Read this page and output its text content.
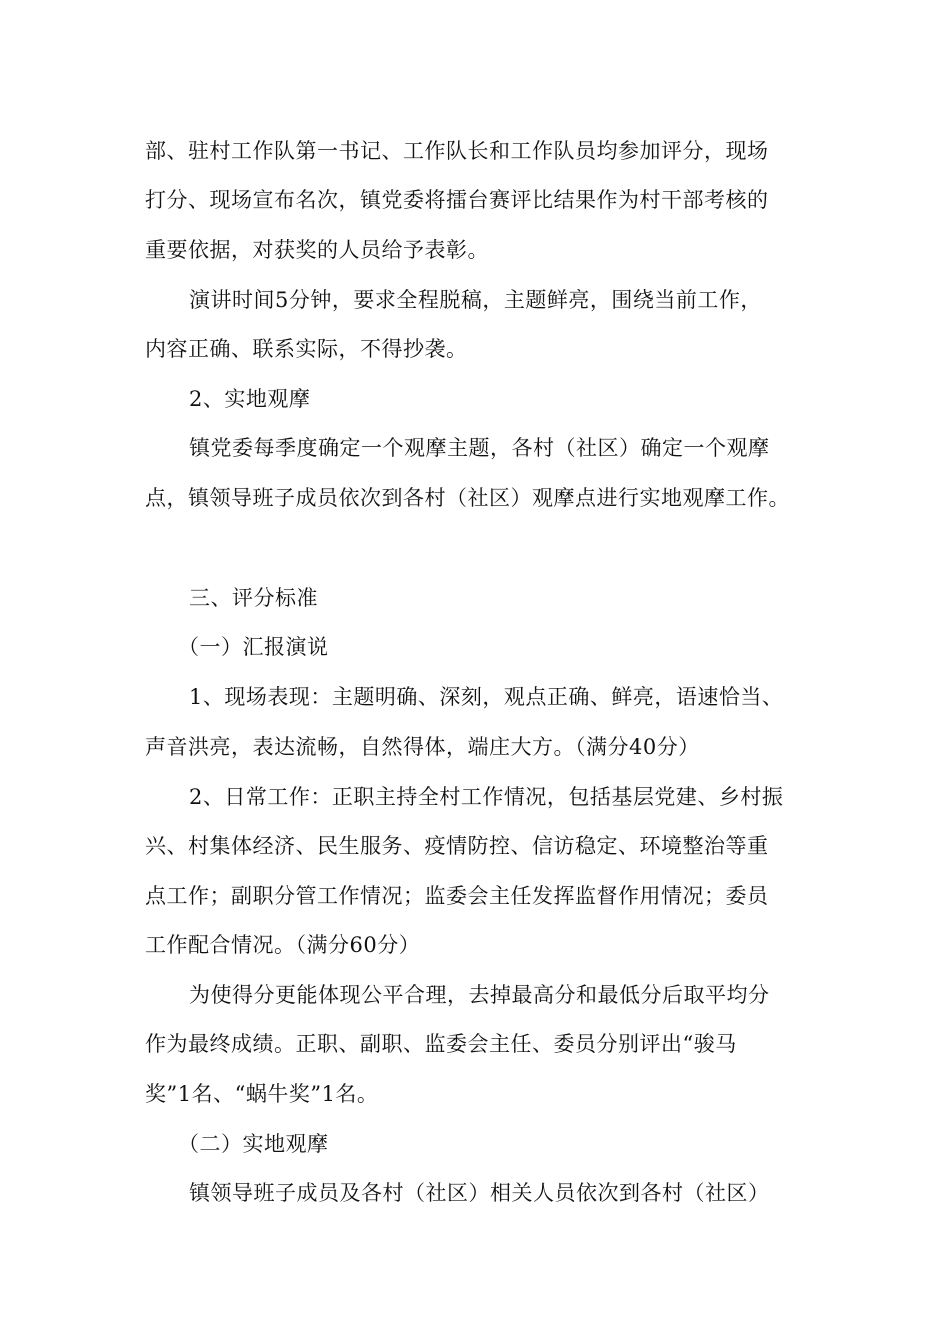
部、驻村工作队第一书记、工作队长和工作队员均参加评分，现场
打分、现场宣布名次，镇党委将擂台赛评比结果作为村干部考核的
重要依据，对获奖的人员给予表彰。
演讲时间5分钟，要求全程脱稿，主题鲜亮，围绕当前工作，
内容正确、联系实际，不得抄袭。
2、实地观摩
镇党委每季度确定一个观摩主题，各村（社区）确定一个观摩
点，镇领导班子成员依次到各村（社区）观摩点进行实地观摩工作。
三、评分标准
（一）汇报演说
1、现场表现：主题明确、深刻，观点正确、鲜亮，语速恰当、
声音洪亮，表达流畅，自然得体，端庄大方。（满分40分）
2、日常工作：正职主持全村工作情况，包括基层党建、乡村振
兴、村集体经济、民生服务、疫情防控、信访稳定、环境整治等重
点工作；副职分管工作情况；监委会主任发挥监督作用情况；委员
工作配合情况。（满分60分）
为使得分更能体现公平合理，去掉最高分和最低分后取平均分
作为最终成绩。正职、副职、监委会主任、委员分别评出“骏马
奖”1名、“蜗牛奖”1名。
（二）实地观摩
镇领导班子成员及各村（社区）相关人员依次到各村（社区）
